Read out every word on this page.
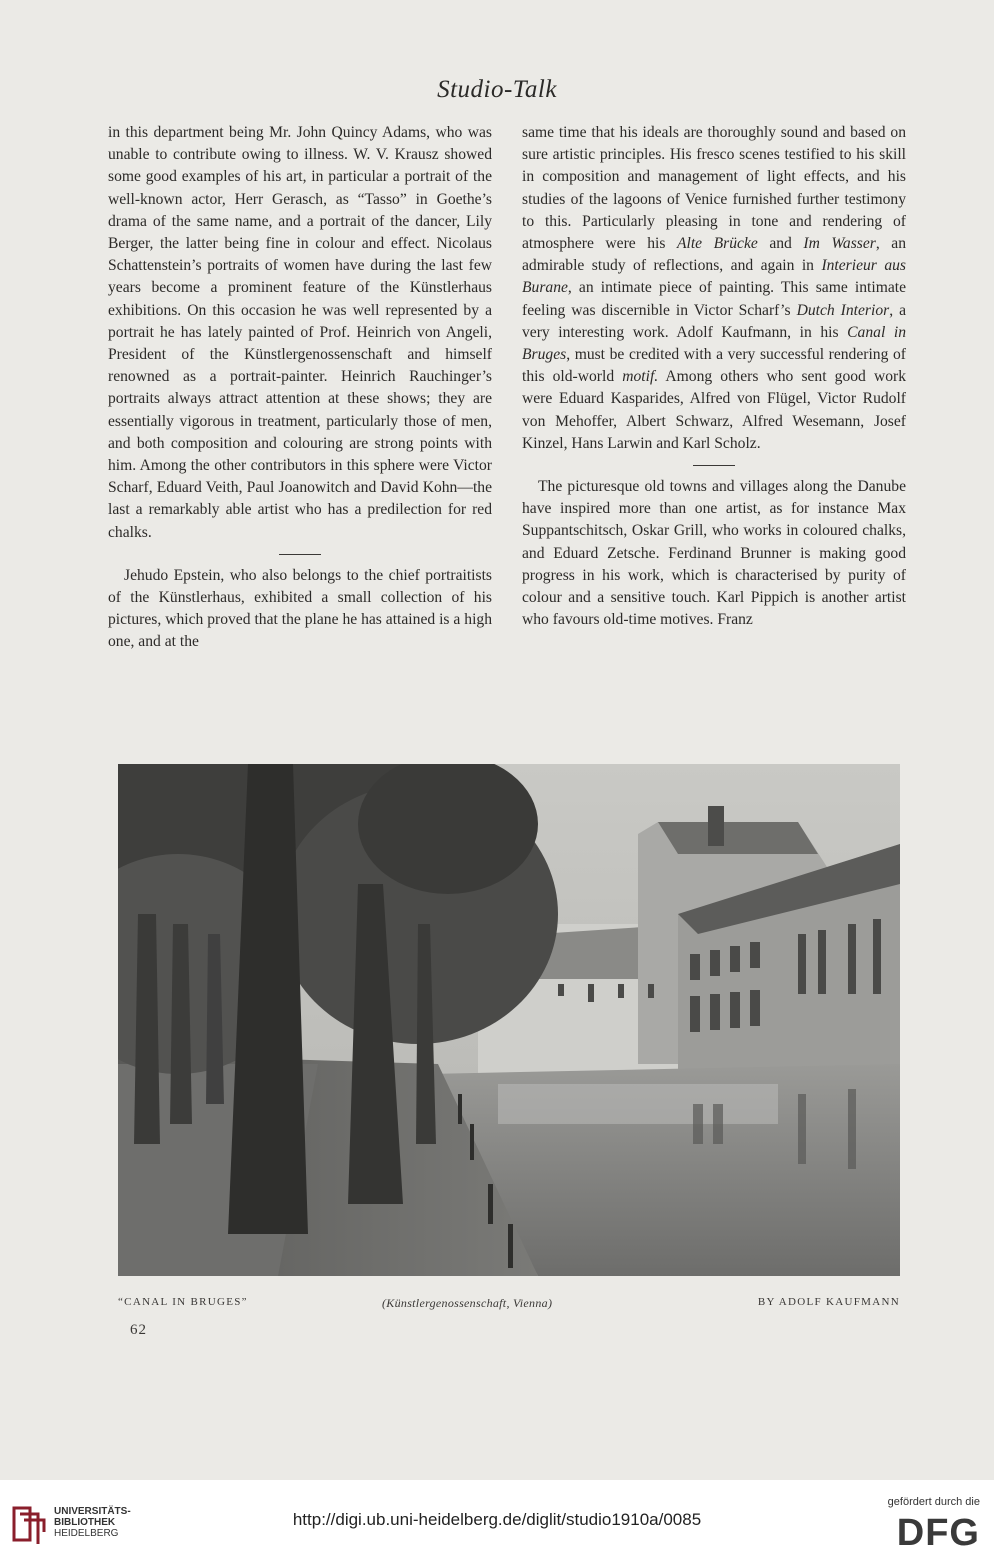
Studio-Talk

in this department being Mr. John Quincy Adams, who was unable to contribute owing to illness. W. V. Krausz showed some good examples of his art, in particular a portrait of the well-known actor, Herr Gerasch, as “Tasso” in Goethe’s drama of the same name, and a portrait of the dancer, Lily Berger, the latter being fine in colour and effect. Nicolaus Schattenstein’s portraits of women have during the last few years become a prominent feature of the Künstlerhaus exhibitions. On this occasion he was well represented by a portrait he has lately painted of Prof. Heinrich von Angeli, President of the Künstlergenossenschaft and himself renowned as a portrait-painter. Heinrich Rauchinger’s portraits always attract attention at these shows; they are essentially vigorous in treatment, particularly those of men, and both composition and colouring are strong points with him. Among the other contributors in this sphere were Victor Scharf, Eduard Veith, Paul Joanowitch and David Kohn—the last a remarkably able artist who has a predilection for red chalks.

Jehudo Epstein, who also belongs to the chief portraitists of the Künstlerhaus, exhibited a small collection of his pictures, which proved that the plane he has attained is a high one, and at the

same time that his ideals are thoroughly sound and based on sure artistic principles. His fresco scenes testified to his skill in composition and management of light effects, and his studies of the lagoons of Venice furnished further testimony to this. Particularly pleasing in tone and rendering of atmosphere were his Alte Brücke and Im Wasser, an admirable study of reflections, and again in Interieur aus Burane, an intimate piece of painting. This same intimate feeling was discernible in Victor Scharf’s Dutch Interior, a very interesting work. Adolf Kaufmann, in his Canal in Bruges, must be credited with a very successful rendering of this old-world motif. Among others who sent good work were Eduard Kasparides, Alfred von Flügel, Victor Rudolf von Mehoffer, Albert Schwarz, Alfred Wesemann, Josef Kinzel, Hans Larwin and Karl Scholz.

The picturesque old towns and villages along the Danube have inspired more than one artist, as for instance Max Suppantschitsch, Oskar Grill, who works in coloured chalks, and Eduard Zetsche. Ferdinand Brunner is making good progress in his work, which is characterised by purity of colour and a sensitive touch. Karl Pippich is another artist who favours old-time motives. Franz

“CANAL IN BRUGES”	(Künstlergenossenschaft, Vienna)	BY ADOLF KAUFMANN
62
UNIVERSITÄTS-
BIBLIOTHEK
HEIDELBERG
http://digi.ub.uni-heidelberg.de/diglit/studio1910a/0085
gefördert durch die
DFG
